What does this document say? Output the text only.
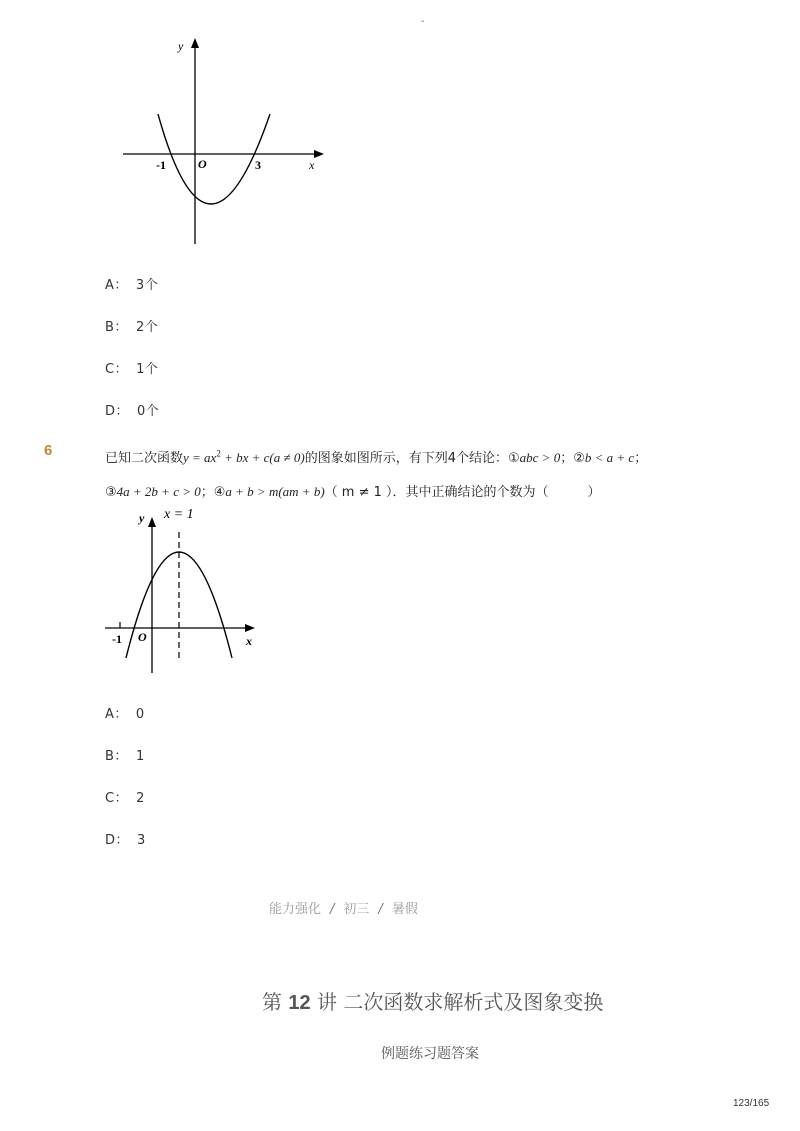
-
y
x
O
-1	3
A： 3个
B： 2个
C： 1个
D： 0个
6	已知二次函数$y = ax^2$ + bx + c(a ≠ 0)的图象如图所示，有下列4个结论：①abc > 0；②b < a + c；
③4a + 2b + c > 0；④a + b > m(am + b)（ m ≠ 1 ）．其中正确结论的个数为（　　　）
y x = 1
x
O
-1
A： 0
B： 1
C： 2
D： 3
能力强化 / 初三 / 暑假
第 12 讲 二次函数求解析式及图象变换
例题练习题答案
123/165
